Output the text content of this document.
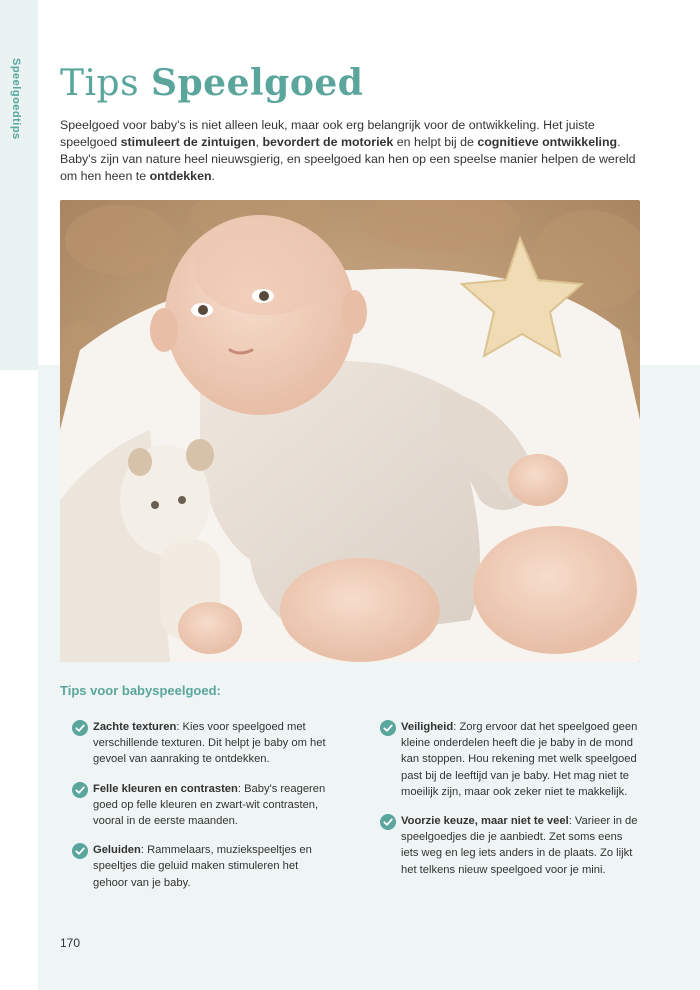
Speelgoedtips Tips Speelgoed

Speelgoed voor baby's is niet alleen leuk, maar ook erg belangrijk voor de ontwikkeling. Het juiste speelgoed stimuleert de zintuigen, bevordert de motoriek en helpt bij de cognitieve ontwikkeling. Baby's zijn van nature heel nieuwsgierig, en speelgoed kan hen op een speelse manier helpen de wereld om hen heen te ontdekken.

Tips voor babyspeelgoed:
Zachte texturen: Kies voor speelgoed met verschillende texturen. Dit helpt je baby om het gevoel van aanraking te ontdekken.
Felle kleuren en contrasten: Baby's reageren goed op felle kleuren en zwart-wit contrasten, vooral in de eerste maanden.
Geluiden: Rammelaars, muziekspeeltjes en speeltjes die geluid maken stimuleren het gehoor van je baby.
Veiligheid: Zorg ervoor dat het speelgoed geen kleine onderdelen heeft die je baby in de mond kan stoppen. Hou rekening met welk speelgoed past bij de leeftijd van je baby. Het mag niet te moeilijk zijn, maar ook zeker niet te makkelijk.
Voorzie keuze, maar niet te veel: Varieer in de speelgoedjes die je aanbiedt. Zet soms eens iets weg en leg iets anders in de plaats. Zo lijkt het telkens nieuw speelgoed voor je mini.
170
